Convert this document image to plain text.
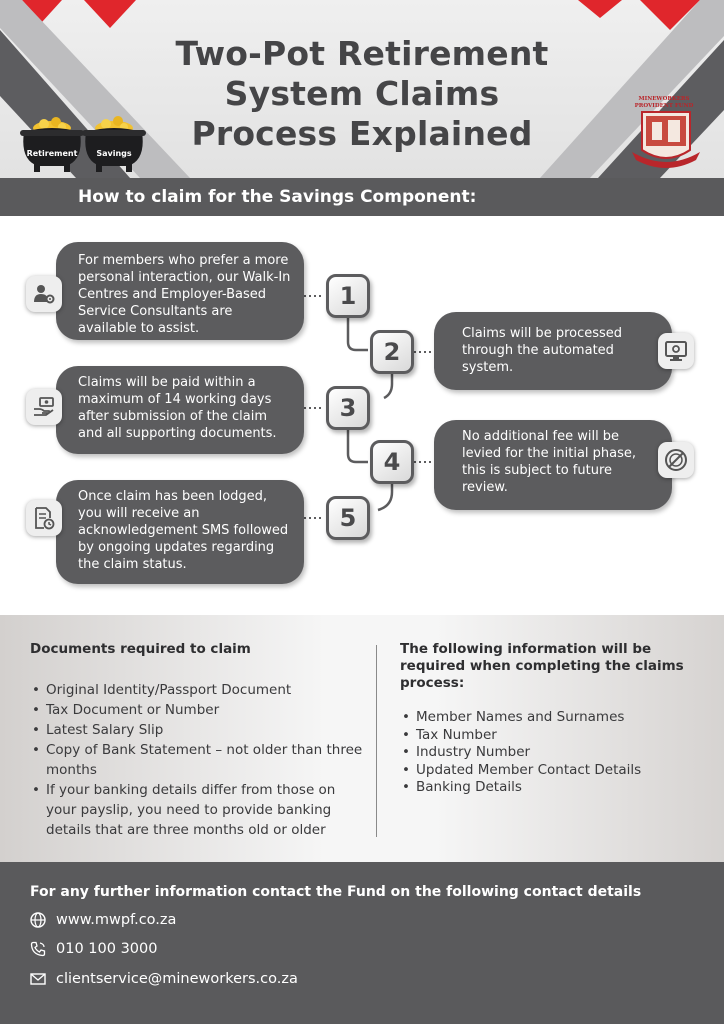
Retirement	Savings
MINEWORKERS PROVIDENT FUND
Two-Pot Retirement
System Claims
Process Explained
How to claim for the Savings Component:
For members who prefer a more personal interaction, our Walk-In Centres and Employer-Based Service Consultants are available to assist.
1
Claims will be processed through the automated system.
2
Claims will be paid within a maximum of 14 working days after submission of the claim and all supporting documents.
3
No additional fee will be levied for the initial phase, this is subject to future review.
4
Once claim has been lodged, you will receive an acknowledgement SMS followed by ongoing updates regarding the claim status.
5
Documents required to claim
• Original Identity/Passport Document
• Tax Document or Number
• Latest Salary Slip
• Copy of Bank Statement – not older than three months
• If your banking details differ from those on your payslip, you need to provide banking details that are three months old or older
The following information will be required when completing the claims process:
• Member Names and Surnames
• Tax Number
• Industry Number
• Updated Member Contact Details
• Banking Details
For any further information contact the Fund on the following contact details
www.mwpf.co.za
010 100 3000
clientservice@mineworkers.co.za
